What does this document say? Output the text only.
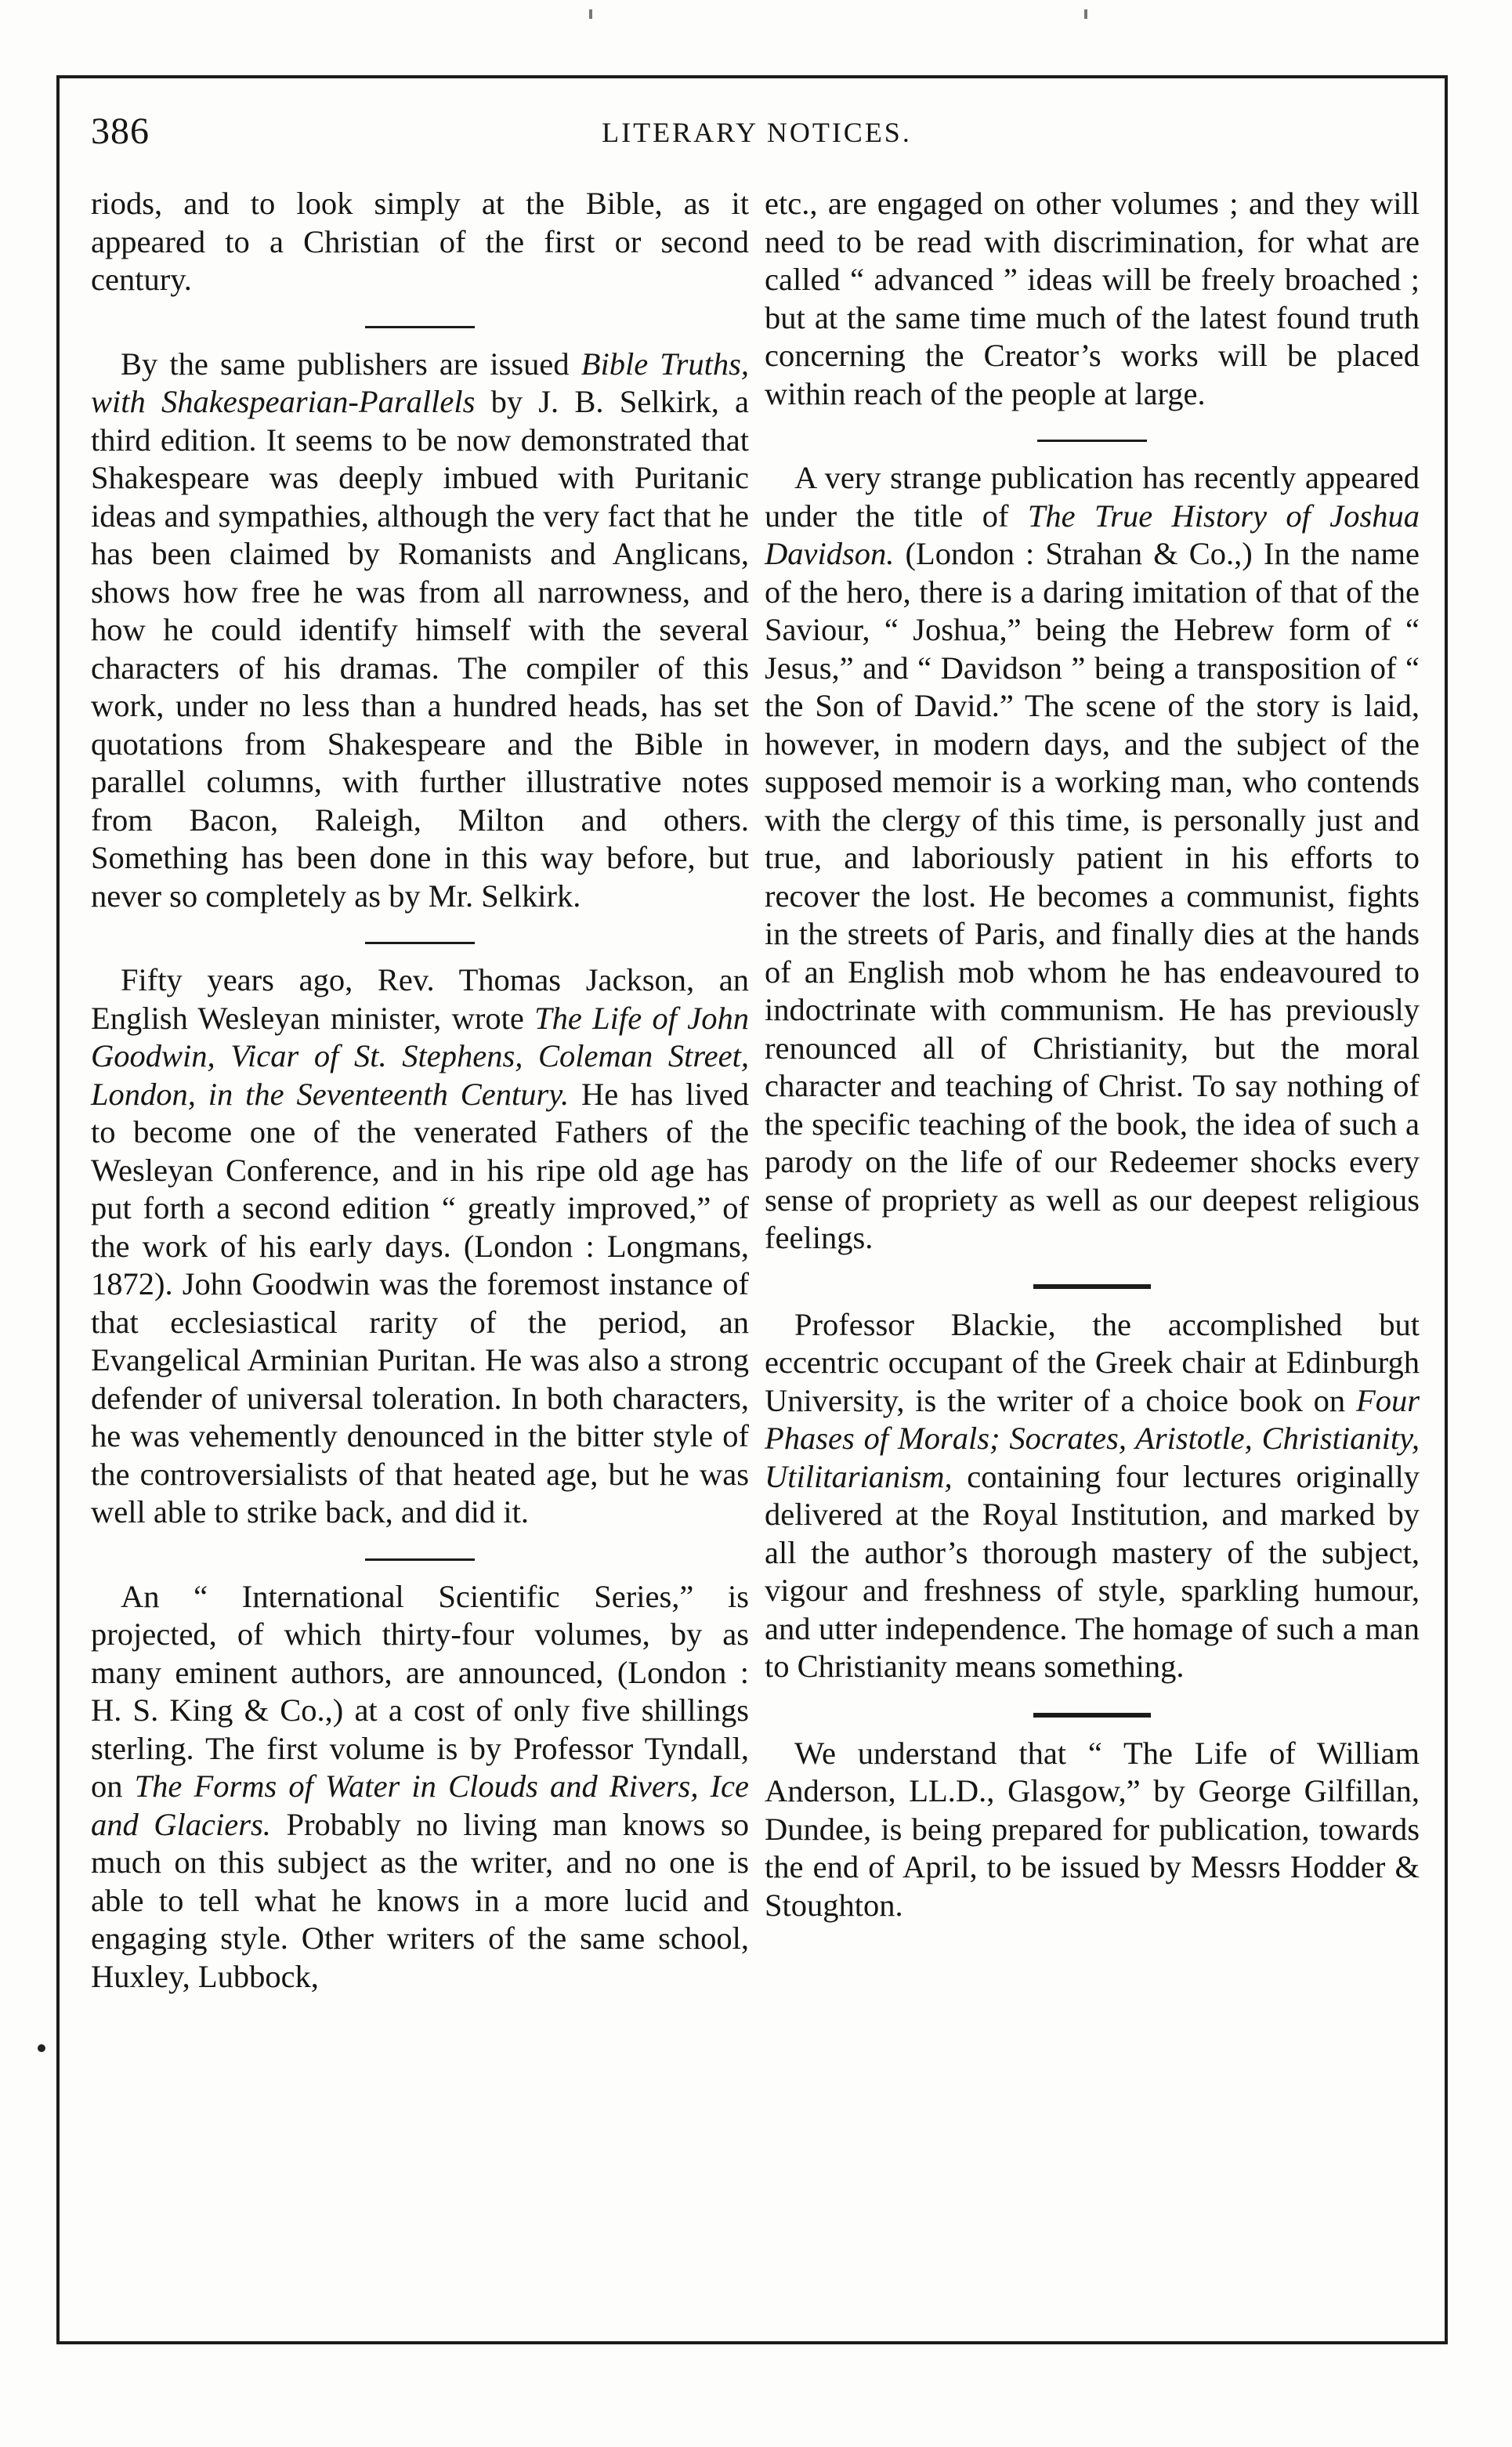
386	LITERARY NOTICES.

riods, and to look simply at the Bible, as it appeared to a Christian of the first or second century.

By the same publishers are issued Bible Truths, with Shakespearian-Parallels by J. B. Selkirk, a third edition. It seems to be now demonstrated that Shakespeare was deeply imbued with Puritanic ideas and sympathies, although the very fact that he has been claimed by Romanists and Anglicans, shows how free he was from all narrowness, and how he could identify himself with the several characters of his dramas. The compiler of this work, under no less than a hundred heads, has set quotations from Shakespeare and the Bible in parallel columns, with further illustrative notes from Bacon, Raleigh, Milton and others. Something has been done in this way before, but never so completely as by Mr. Selkirk.

Fifty years ago, Rev. Thomas Jackson, an English Wesleyan minister, wrote The Life of John Goodwin, Vicar of St. Stephens, Coleman Street, London, in the Seventeenth Century. He has lived to become one of the venerated Fathers of the Wesleyan Conference, and in his ripe old age has put forth a second edition “ greatly improved,” of the work of his early days. (London : Longmans, 1872). John Goodwin was the foremost instance of that ecclesiastical rarity of the period, an Evangelical Arminian Puritan. He was also a strong defender of universal toleration. In both characters, he was vehemently denounced in the bitter style of the controversialists of that heated age, but he was well able to strike back, and did it.

An “ International Scientific Series,” is projected, of which thirty-four volumes, by as many eminent authors, are announced, (London : H. S. King & Co.,) at a cost of only five shillings sterling. The first volume is by Professor Tyndall, on The Forms of Water in Clouds and Rivers, Ice and Glaciers. Probably no living man knows so much on this subject as the writer, and no one is able to tell what he knows in a more lucid and engaging style. Other writers of the same school, Huxley, Lubbock,

etc., are engaged on other volumes ; and they will need to be read with discrimination, for what are called “ advanced ” ideas will be freely broached ; but at the same time much of the latest found truth concerning the Creator’s works will be placed within reach of the people at large.

A very strange publication has recently appeared under the title of The True History of Joshua Davidson. (London : Strahan & Co.,) In the name of the hero, there is a daring imitation of that of the Saviour, “ Joshua,” being the Hebrew form of “ Jesus,” and “ Davidson ” being a transposition of “ the Son of David.” The scene of the story is laid, however, in modern days, and the subject of the supposed memoir is a working man, who contends with the clergy of this time, is personally just and true, and laboriously patient in his efforts to recover the lost. He becomes a communist, fights in the streets of Paris, and finally dies at the hands of an English mob whom he has endeavoured to indoctrinate with communism. He has previously renounced all of Christianity, but the moral character and teaching of Christ. To say nothing of the specific teaching of the book, the idea of such a parody on the life of our Redeemer shocks every sense of propriety as well as our deepest religious feelings.

Professor Blackie, the accomplished but eccentric occupant of the Greek chair at Edinburgh University, is the writer of a choice book on Four Phases of Morals; Socrates, Aristotle, Christianity, Utilitarianism, containing four lectures originally delivered at the Royal Institution, and marked by all the author’s thorough mastery of the subject, vigour and freshness of style, sparkling humour, and utter independence. The homage of such a man to Christianity means something.

We understand that “ The Life of William Anderson, LL.D., Glasgow,” by George Gilfillan, Dundee, is being prepared for publication, towards the end of April, to be issued by Messrs Hodder & Stoughton.
